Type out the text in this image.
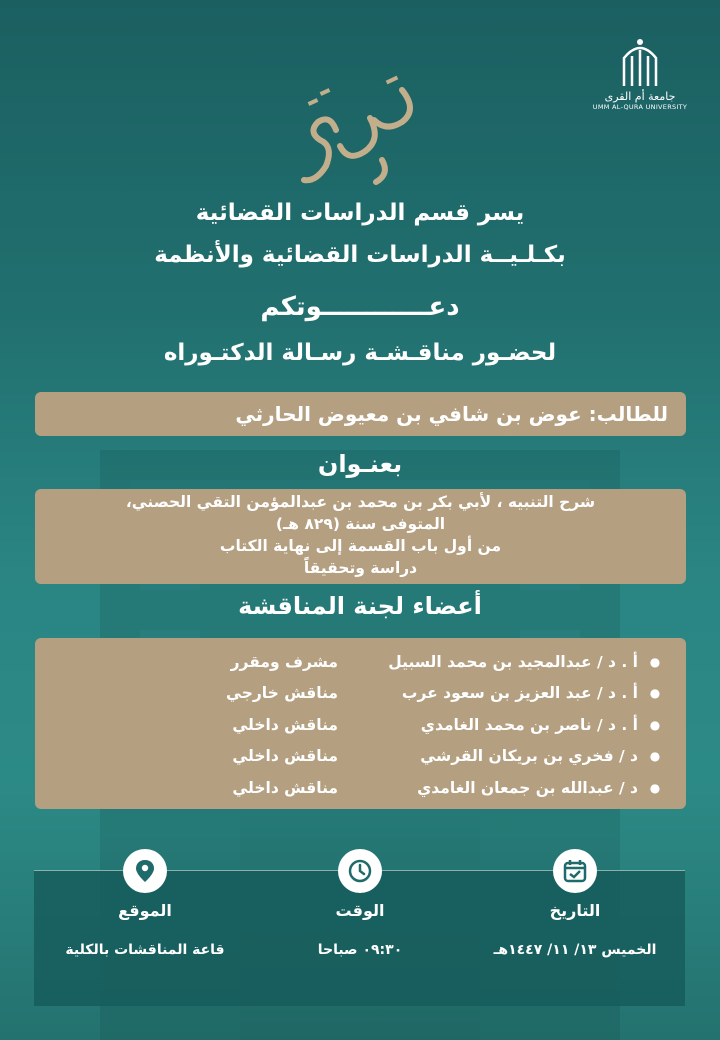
جامعة أم القرى
UMM AL-QURA UNIVERSITY
يسر قسم الدراسات القضائية
بكـلـيــة الدراسات القضائية والأنظمة
دعــــــــــــوتكم
لحضـور مناقـشـة رسـالة الدكتـوراه
للطالب: عوض بن شافي بن معيوض الحارثي
بعنـوان
شرح التنبيه ، لأبي بكر بن محمد بن عبدالمؤمن التقي الحصني،
المتوفى سنة (٨٢٩ هـ)
من أول باب القسمة إلى نهاية الكتاب
دراسة وتحقيقاً
أعضاء لجنة المناقشة
●
أ . د / عبدالمجيد بن محمد السبيل
مشرف ومقرر
●
أ . د / عبد العزيز بن سعود عرب
مناقش خارجي
●
أ . د / ناصر بن محمد الغامدي
مناقش داخلي
●
د / فخري بن بريكان القرشي
مناقش داخلي
●
د / عبدالله بن جمعان الغامدي
مناقش داخلي
التاريخ
الخميس ١٣/ ١١/ ١٤٤٧هـ
الوقت
٠٩:٣٠ صباحا
الموقع
قاعة المناقشات بالكلية
